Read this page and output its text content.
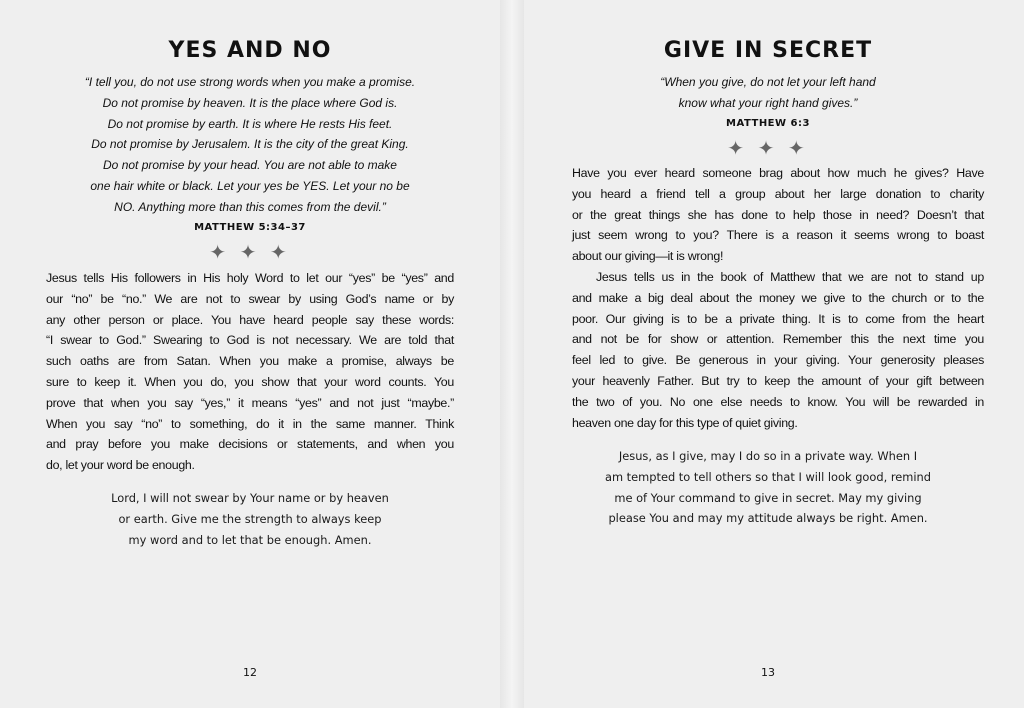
YES AND NO
“I tell you, do not use strong words when you make a promise.
Do not promise by heaven. It is the place where God is.
Do not promise by earth. It is where He rests His feet.
Do not promise by Jerusalem. It is the city of the great King.
Do not promise by your head. You are not able to make
one hair white or black. Let your yes be YES. Let your no be
NO. Anything more than this comes from the devil.”
MATTHEW 5:34–37
✦ ✦ ✦
Jesus tells His followers in His holy Word to let our “yes” be “yes” and
our “no” be “no.” We are not to swear by using God’s name or by
any other person or place. You have heard people say these words:
“I swear to God.” Swearing to God is not necessary. We are told that
such oaths are from Satan. When you make a promise, always be
sure to keep it. When you do, you show that your word counts. You
prove that when you say “yes,” it means “yes” and not just “maybe.”
When you say “no” to something, do it in the same manner. Think
and pray before you make decisions or statements, and when you
do, let your word be enough.
Lord, I will not swear by Your name or by heaven
or earth. Give me the strength to always keep
my word and to let that be enough. Amen.
12
GIVE IN SECRET
“When you give, do not let your left hand
know what your right hand gives.”
MATTHEW 6:3
✦ ✦ ✦
Have you ever heard someone brag about how much he gives? Have
you heard a friend tell a group about her large donation to charity
or the great things she has done to help those in need? Doesn’t that
just seem wrong to you? There is a reason it seems wrong to boast
about our giving—it is wrong!
Jesus tells us in the book of Matthew that we are not to stand up
and make a big deal about the money we give to the church or to the
poor. Our giving is to be a private thing. It is to come from the heart
and not be for show or attention. Remember this the next time you
feel led to give. Be generous in your giving. Your generosity pleases
your heavenly Father. But try to keep the amount of your gift between
the two of you. No one else needs to know. You will be rewarded in
heaven one day for this type of quiet giving.
Jesus, as I give, may I do so in a private way. When I
am tempted to tell others so that I will look good, remind
me of Your command to give in secret. May my giving
please You and may my attitude always be right. Amen.
13
